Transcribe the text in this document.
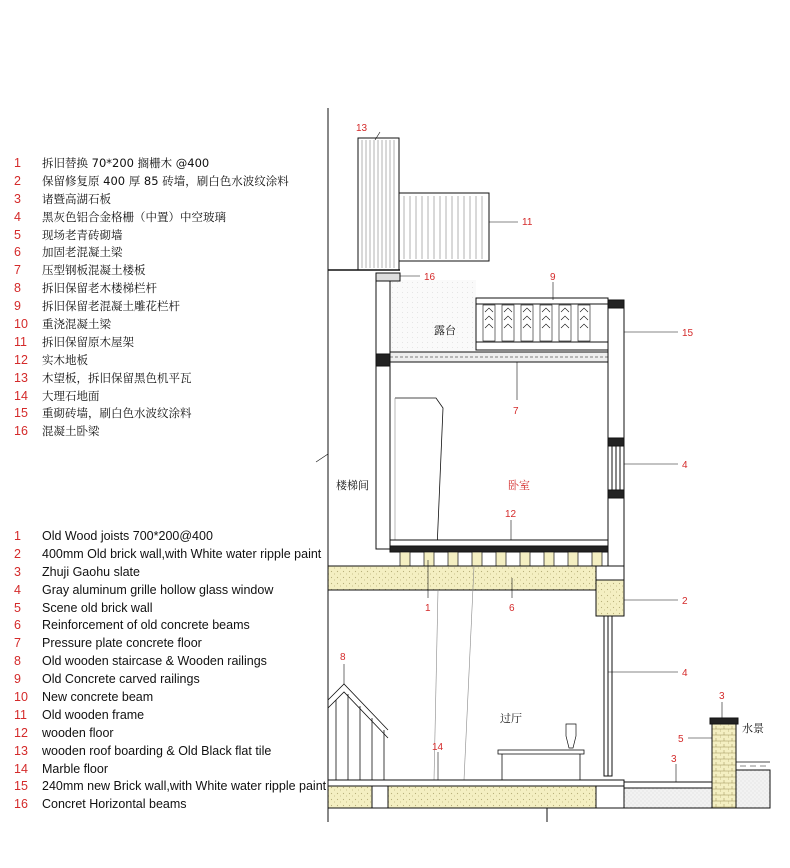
1	拆旧替换 70*200 搁栅木 @400
2	保留修复原 400 厚 85 砖墙，刷白色水波纹涂料
3	诸暨高湖石板
4	黑灰色铝合金格栅（中置）中空玻璃
5	现场老青砖砌墙
6	加固老混凝土梁
7	压型钢板混凝土楼板
8	拆旧保留老木楼梯栏杆
9	拆旧保留老混凝土雕花栏杆
10	重浇混凝土梁
11	拆旧保留原木屋架
12	实木地板
13	木望板，拆旧保留黑色机平瓦
14	大理石地面
15	重砌砖墙，刷白色水波纹涂料
16	混凝土卧梁
1	Old Wood joists 700*200@400
2	400mm Old brick wall,with White water ripple paint
3	Zhuji Gaohu slate
4	Gray aluminum grille hollow glass window
5	Scene old brick wall
6	Reinforcement of old concrete beams
7	Pressure plate concrete floor
8	Old wooden staircase & Wooden railings
9	Old Concrete carved railings
10	New concrete beam
11	Old wooden frame
12	wooden floor
13	wooden roof boarding & Old Black flat tile
14	Marble floor
15	240mm new Brick wall,with White water ripple paint
16	Concret Horizontal beams
13
11
16	9
15
7
4
12
1	6
2
4
8
14
3
5
3
露台
楼梯间	卧室
过厅
水景
